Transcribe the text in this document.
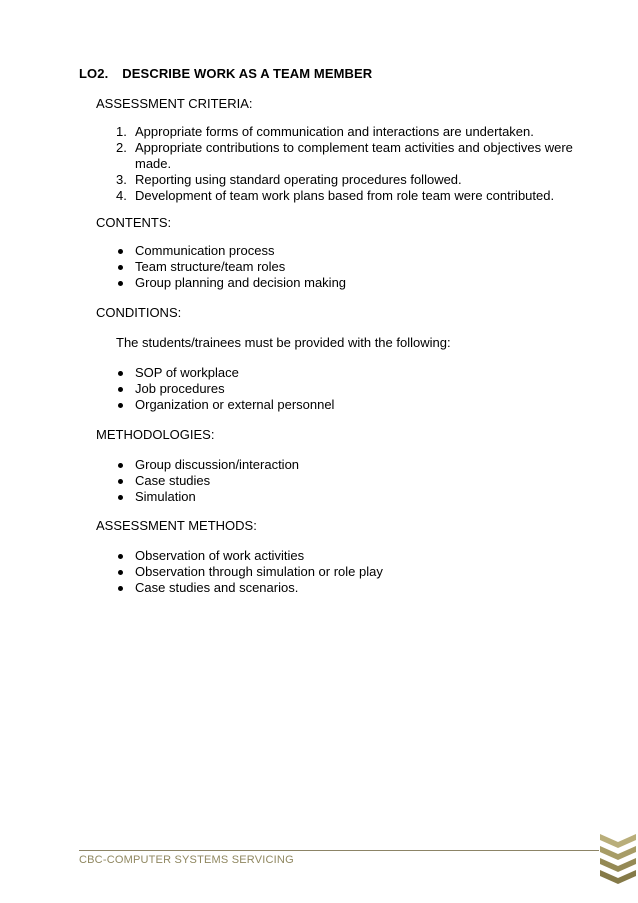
LO2. DESCRIBE WORK AS A TEAM MEMBER
ASSESSMENT CRITERIA:
1. Appropriate forms of communication and interactions are undertaken.
2. Appropriate contributions to complement team activities and objectives were made.
3. Reporting using standard operating procedures followed.
4. Development of team work plans based from role team were contributed.
CONTENTS:
Communication process
Team structure/team roles
Group planning and decision making
CONDITIONS:
The students/trainees must be provided with the following:
SOP of workplace
Job procedures
Organization or external personnel
METHODOLOGIES:
Group discussion/interaction
Case studies
Simulation
ASSESSMENT METHODS:
Observation of work activities
Observation through simulation or role play
Case studies and scenarios.
CBC-COMPUTER SYSTEMS SERVICING
